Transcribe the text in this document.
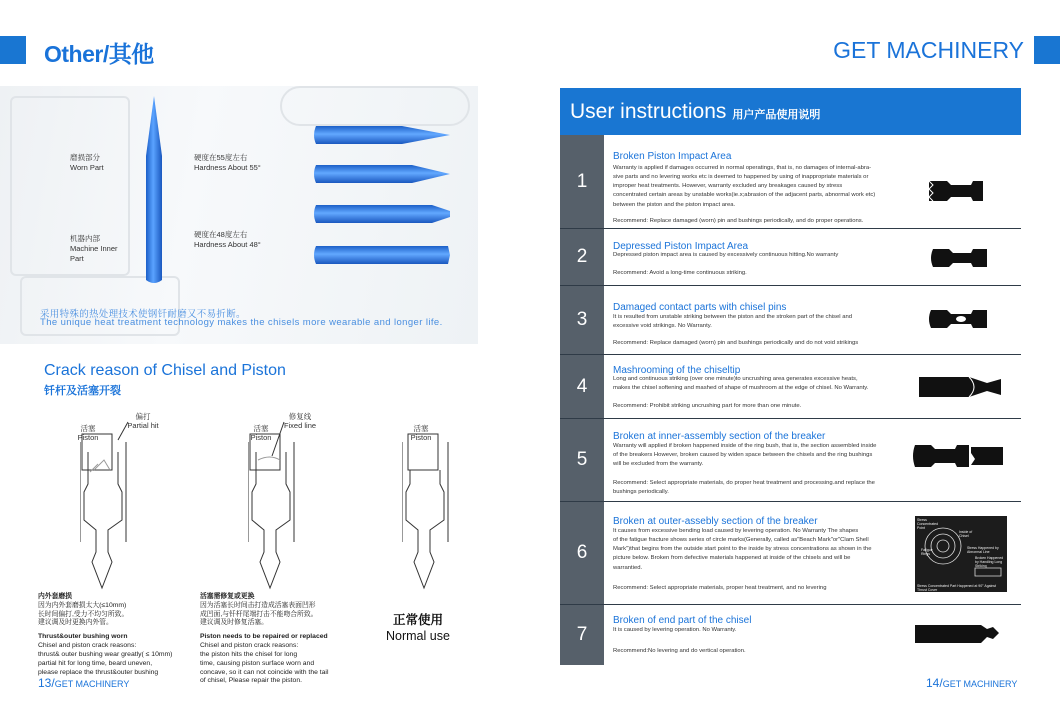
Other/其他	GET MACHINERY
磨损部分
Worn Part
硬度在55度左右
Hardness About 55°
机器内部
Machine Inner Part
硬度在48度左右
Hardness About 48°
采用特殊的热处理技术使钢钎耐磨又不易折断。
The unique heat treatment technology makes the chisels more wearable and longer life.
Crack reason of Chisel and Piston
钎杆及活塞开裂
活塞
Piston
偏打
Partial hit	活塞
Piston
修复线
Fixed line	活塞
Piston
内外套磨损
因为内外套磨损太大(≤10mm)
长时间偏打,受力不均匀所致。
建议调及时更换内外管。
Thrust&outer bushing worn
Chisel and piston crack reasons:
thrust& outer bushing wear greatly( ≤ 10mm)
partial hit for long time, beard uneven,
please replace the thrust&outer bushing
活塞需修复或更换
因为活塞长时间击打造成活塞表面凹形
成凹面,与钎杆尾端打击不能吻合所致。
建议调及时修复活塞。
Piston needs to be repaired or replaced
Chisel and piston crack reasons:
the piston hits the chisel for long
time, causing piston surface worn and
concave, so it can not coincide with the tail
of chisel, Please repair the piston.
正常使用
Normal use
13/GET MACHINERY
User instructions 用户产品使用说明
1
Broken Piston Impact Area
Warranty is applied if damages occurred in normal operatings, that is, no damages of internal-abra-
sive parts and no levering works etc is deemed to happened by using of inappropriate materials or
improper heat treatments. However, warranty excluded any breakages caused by stress
concentrated certain areas by unstable works(ie.x;abrasion of the adjacent parts, abnormal work etc)
between the piston and the piston impact area.
Recommend: Replace damaged (worn) pin and bushings periodically, and do proper operations.
2	Depressed Piston Impact Area
Depressed piston impact area is caused by excessively continuous hitting.No warranty
Recommend: Avoid a long-time continuous striking.
3
Damaged contact parts with chisel pins
It is resulted from unstable striking between the piston and the stroken part of the chisel and
excessive void strikings. No Warranty.
Recommend: Replace damaged (worn) pin and bushings periodically and do not void strikings
4
Mashrooming of the chiseltip
Long and continuous striking (over one minute)to uncrushing area generates excessive heats,
makes the chisel softening and mashed of shape of mushroom at the edge of chisel. No Warranty.
Recommend: Prohibit striking uncrushing part for more than one minute.
5
Broken at inner-assembly section of the breaker
Warranty will applied if broken happened inside of the ring bush, that is, the section assembled inside
of the breakers However, broken caused by widen space between the chisels and the ring bushings
will be excluded from the warranty.
Recommend: Select appropriate materials, do proper heat treatment and processing.and replace the bushings periodically.
6
Broken at outer-assebly section of the breaker
It causes from excessive bending load caused by levering operation. No Warranty The shapes
of the fatigue fracture shows series of circle marks(Generally, called as"Beach Mark"or"Clam Shell
Mark")that begins from the outside start point to the inside by stress concentrations as shown in the
picture below. Broken from defective materials happened at inside of the chisels and will be
warrantied.
Recommend: Select appropriate materials, proper heat treatment, and no levering
Stress Concentrated Point
Inside of Chisel
Fatigue Rings
Stress Happened by Abnormal Line
Broken Happened by Handling Long Striking
Stress Concentrated Part Happened at 90° Against Thrust Cover
7
Broken of end part of the chisel
It is caused by levering operation. No Warranty.
Recommend:No levering and do vertical operation.
14/GET MACHINERY
